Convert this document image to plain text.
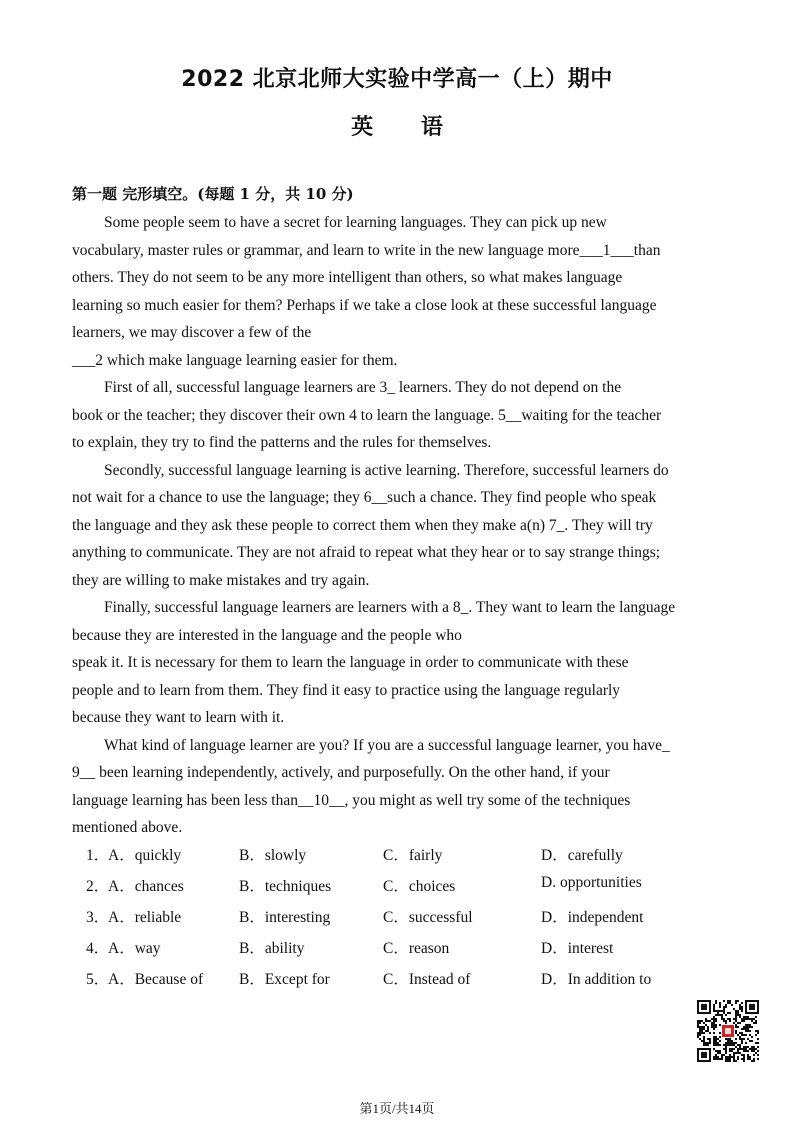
2022 北京北师大实验中学高一（上）期中
英 语
第一题 完形填空。(每题 1 分，共 10 分)
Some people seem to have a secret for learning languages. They can pick up new
vocabulary, master rules or grammar, and learn to write in the new language more___1___than
others. They do not seem to be any more intelligent than others, so what makes language
learning so much easier for them? Perhaps if we take a close look at these successful language
learners, we may discover a few of the
___2 which make language learning easier for them.
First of all, successful language learners are 3_ learners. They do not depend on the
book or the teacher; they discover their own 4 to learn the language. 5__waiting for the teacher
to explain, they try to find the patterns and the rules for themselves.
Secondly, successful language learning is active learning. Therefore, successful learners do
not wait for a chance to use the language; they 6__such a chance. They find people who speak
the language and they ask these people to correct them when they make a(n) 7_. They will try
anything to communicate. They are not afraid to repeat what they hear or to say strange things;
they are willing to make mistakes and try again.
Finally, successful language learners are learners with a 8_. They want to learn the language
because they are interested in the language and the people who
speak it. It is necessary for them to learn the language in order to communicate with these
people and to learn from them. They find it easy to practice using the language regularly
because they want to learn with it.
What kind of language learner are you? If you are a successful language learner, you have_
9__ been learning independently, actively, and purposefully. On the other hand, if your
language learning has been less than__10__, you might as well try some of the techniques
mentioned above.
1．
A．quickly	B．slowly	C．fairly	D．carefully
2．
A．chances	B．techniques	C．choices	D. opportunities
3．
A．reliable	B．interesting	C．successful	D．independent
4．
A．way	B．ability	C．reason	D．interest
5．
A．Because of B．Except for	C．Instead of	D．In addition to
第1页/共14页
